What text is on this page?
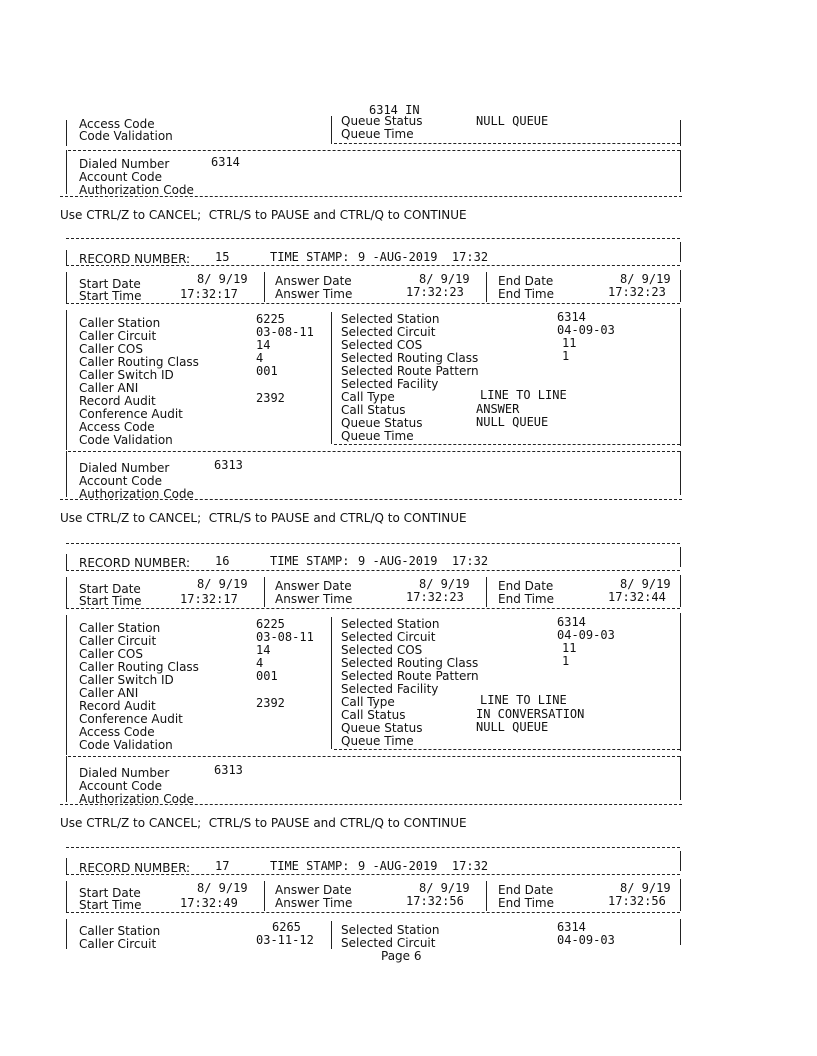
6314 IN
Access Code
Code Validation
Queue Status	NULL QUEUE
Queue Time
Dialed Number	6314
Account Code
Authorization Code
Use CTRL/Z to CANCEL;  CTRL/S to PAUSE and CTRL/Q to CONTINUE
RECORD NUMBER: 15	TIME STAMP: 9 -AUG-2019  17:32
Start Date	8/ 9/19 Answer Date	8/ 9/19 End Date	8/ 9/19
Start Time	17:32:17	Answer Time	17:32:23	End Time	17:32:23
Caller Station	6225
Caller Circuit	03-08-11
Caller COS	14
Caller Routing Class	4
Caller Switch ID	001
Caller ANI
Record Audit	2392
Conference Audit
Access Code
Code Validation
Selected Station	6314
Selected Circuit	04-09-03
Selected COS	11
Selected Routing Class	1
Selected Route Pattern
Selected Facility
Call Type	LINE TO LINE
Call Status	ANSWER
Queue Status	NULL QUEUE
Queue Time
Dialed Number	6313
Account Code
Authorization Code
Use CTRL/Z to CANCEL;  CTRL/S to PAUSE and CTRL/Q to CONTINUE
RECORD NUMBER: 16	TIME STAMP: 9 -AUG-2019  17:32
Start Date	8/ 9/19 Answer Date	8/ 9/19 End Date	8/ 9/19
Start Time	17:32:17	Answer Time	17:32:23	End Time	17:32:44
Caller Station	6225
Caller Circuit	03-08-11
Caller COS	14
Caller Routing Class	4
Caller Switch ID	001
Caller ANI
Record Audit	2392
Conference Audit
Access Code
Code Validation
Selected Station	6314
Selected Circuit	04-09-03
Selected COS	11
Selected Routing Class	1
Selected Route Pattern
Selected Facility
Call Type	LINE TO LINE
Call Status	IN CONVERSATION
Queue Status	NULL QUEUE
Queue Time
Dialed Number	6313
Account Code
Authorization Code
Use CTRL/Z to CANCEL;  CTRL/S to PAUSE and CTRL/Q to CONTINUE
RECORD NUMBER: 17	TIME STAMP: 9 -AUG-2019  17:32
Start Date	8/ 9/19 Answer Date	8/ 9/19 End Date	8/ 9/19
Start Time	17:32:49	Answer Time	17:32:56	End Time	17:32:56
Caller Station	6265
Caller Circuit	03-11-12
Selected Station	6314
Selected Circuit	04-09-03
Page 6
